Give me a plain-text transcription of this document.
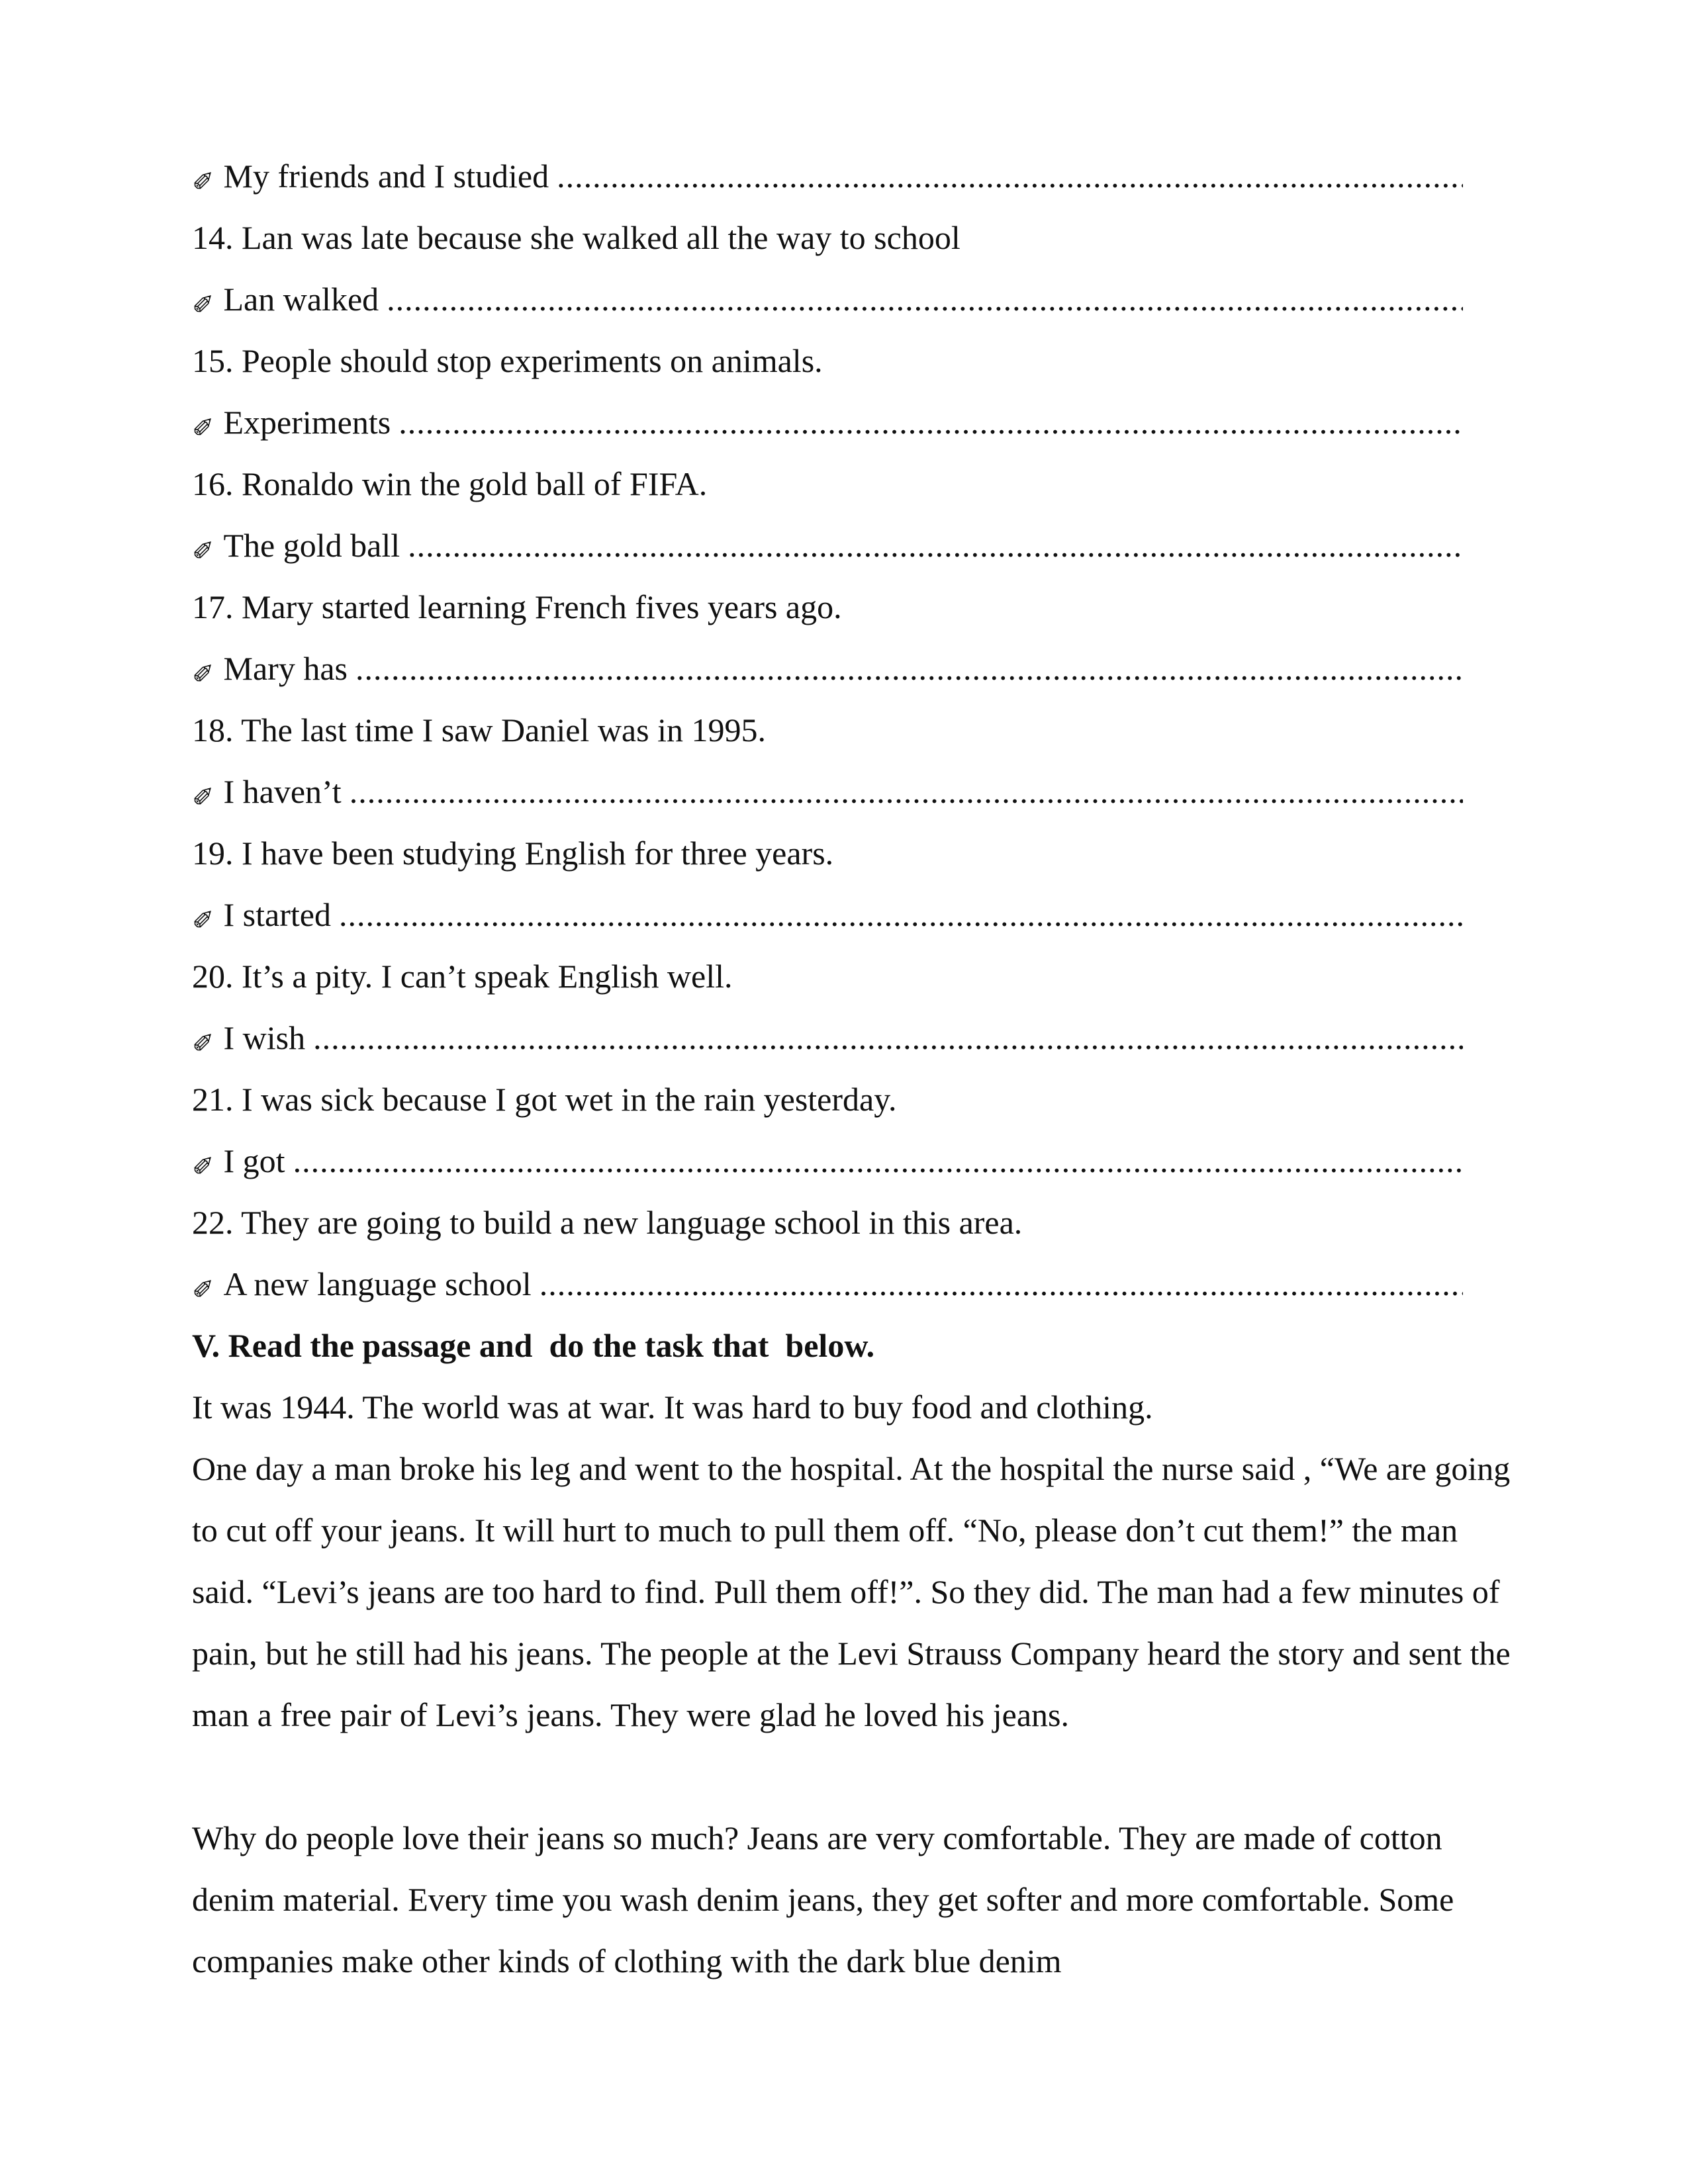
✎ My friends and I studied
.....
14. Lan was late because she walked all the way to school
✎ Lan walked
.....
15. People should stop experiments on animals.
✎ Experiments
.....
16. Ronaldo win the gold ball of FIFA.
✎ The gold ball
.....
17. Mary started learning French fives years ago.
✎ Mary has
.....
18. The last time I saw Daniel was in 1995.
✎ I haven’t
.....
19. I have been studying English for three years.
✎ I started
.....
20. It’s a pity. I can’t speak English well.
✎ I wish
.....
21. I was sick because I got wet in the rain yesterday.
✎ I got
.....
22. They are going to build a new language school in this area.
✎ A new language school
.....
V. Read the passage and  do the task that  below.

It was 1944. The world was at war. It was hard to buy food and clothing.

One day a man broke his leg and went to the hospital. At the hospital the nurse said , “We are going to cut off your jeans. It will hurt to much to pull them off. “No, please don’t cut them!” the man said. “Levi’s jeans are too hard to find. Pull them off!”. So they did. The man had a few minutes of pain, but he still had his jeans. The people at the Levi Strauss Company heard the story and sent the man a free pair of Levi’s jeans. They were glad he loved his jeans.

Why do people love their jeans so much? Jeans are very comfortable. They are made of cotton denim material. Every time you wash denim jeans, they get softer and more comfortable. Some companies make other kinds of clothing with the dark blue denim
